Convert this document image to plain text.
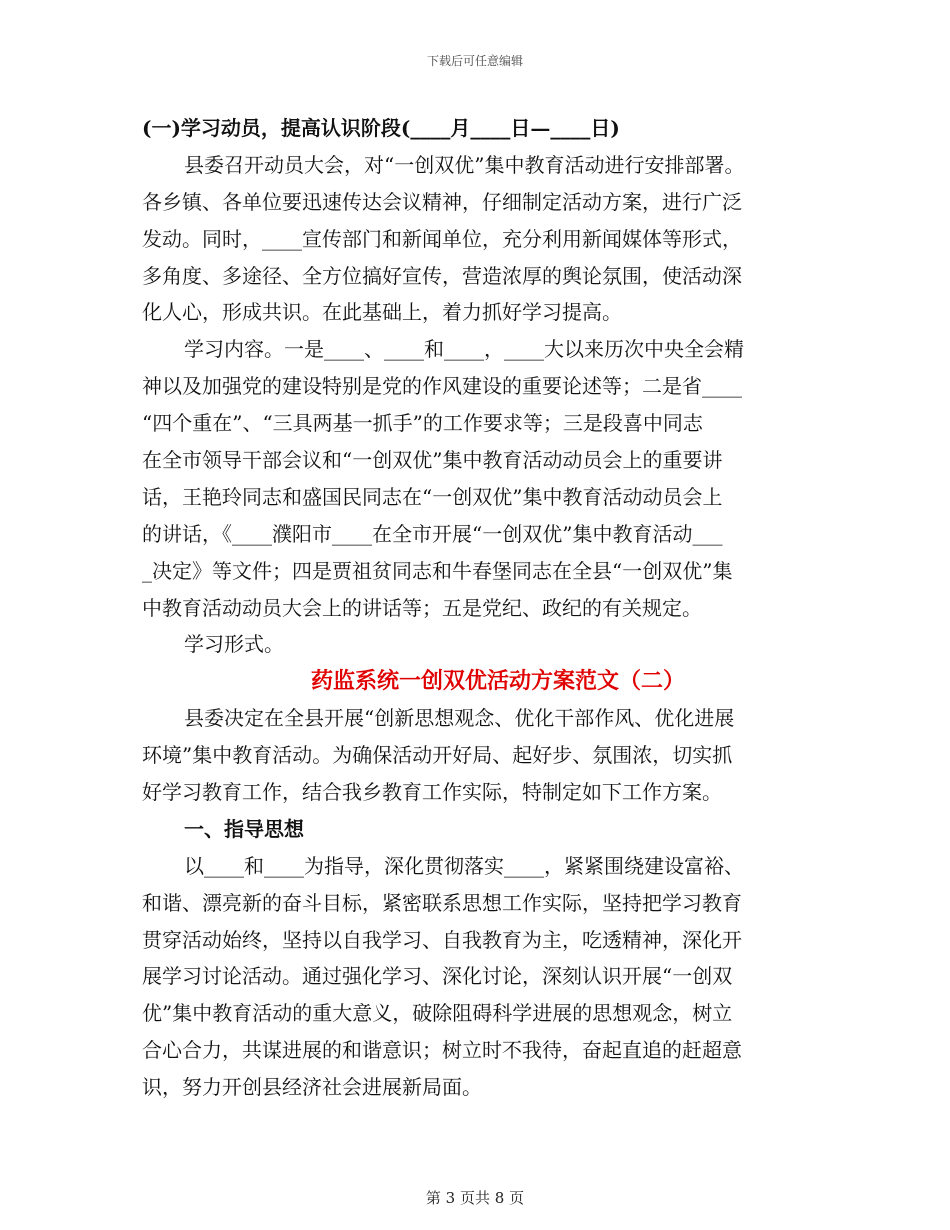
下载后可任意编辑
(一)学习动员，提高认识阶段(____月____日—____日)
县委召开动员大会，对“一创双优”集中教育活动进行安排部署。
各乡镇、各单位要迅速传达会议精神，仔细制定活动方案，进行广泛
发动。同时，____宣传部门和新闻单位，充分利用新闻媒体等形式，
多角度、多途径、全方位搞好宣传，营造浓厚的舆论氛围，使活动深
化人心，形成共识。在此基础上，着力抓好学习提高。
学习内容。一是____、____和____，____大以来历次中央全会精
神以及加强党的建设特别是党的作风建设的重要论述等；二是省____
“四个重在”、“三具两基一抓手”的工作要求等；三是段喜中同志
在全市领导干部会议和“一创双优”集中教育活动动员会上的重要讲
话，王艳玲同志和盛国民同志在“一创双优”集中教育活动动员会上
的讲话，《____濮阳市____在全市开展“一创双优”集中教育活动___
_决定》等文件；四是贾祖贫同志和牛春堡同志在全县“一创双优”集
中教育活动动员大会上的讲话等；五是党纪、政纪的有关规定。
学习形式。
药监系统一创双优活动方案范文（二）
县委决定在全县开展“创新思想观念、优化干部作风、优化进展
环境”集中教育活动。为确保活动开好局、起好步、氛围浓，切实抓
好学习教育工作，结合我乡教育工作实际，特制定如下工作方案。
一、指导思想
以____和____为指导，深化贯彻落实____，紧紧围绕建设富裕、
和谐、漂亮新的奋斗目标，紧密联系思想工作实际，坚持把学习教育
贯穿活动始终，坚持以自我学习、自我教育为主，吃透精神，深化开
展学习讨论活动。通过强化学习、深化讨论，深刻认识开展“一创双
优”集中教育活动的重大意义，破除阻碍科学进展的思想观念，树立
合心合力，共谋进展的和谐意识；树立时不我待，奋起直追的赶超意
识，努力开创县经济社会进展新局面。
第 3 页共 8 页
